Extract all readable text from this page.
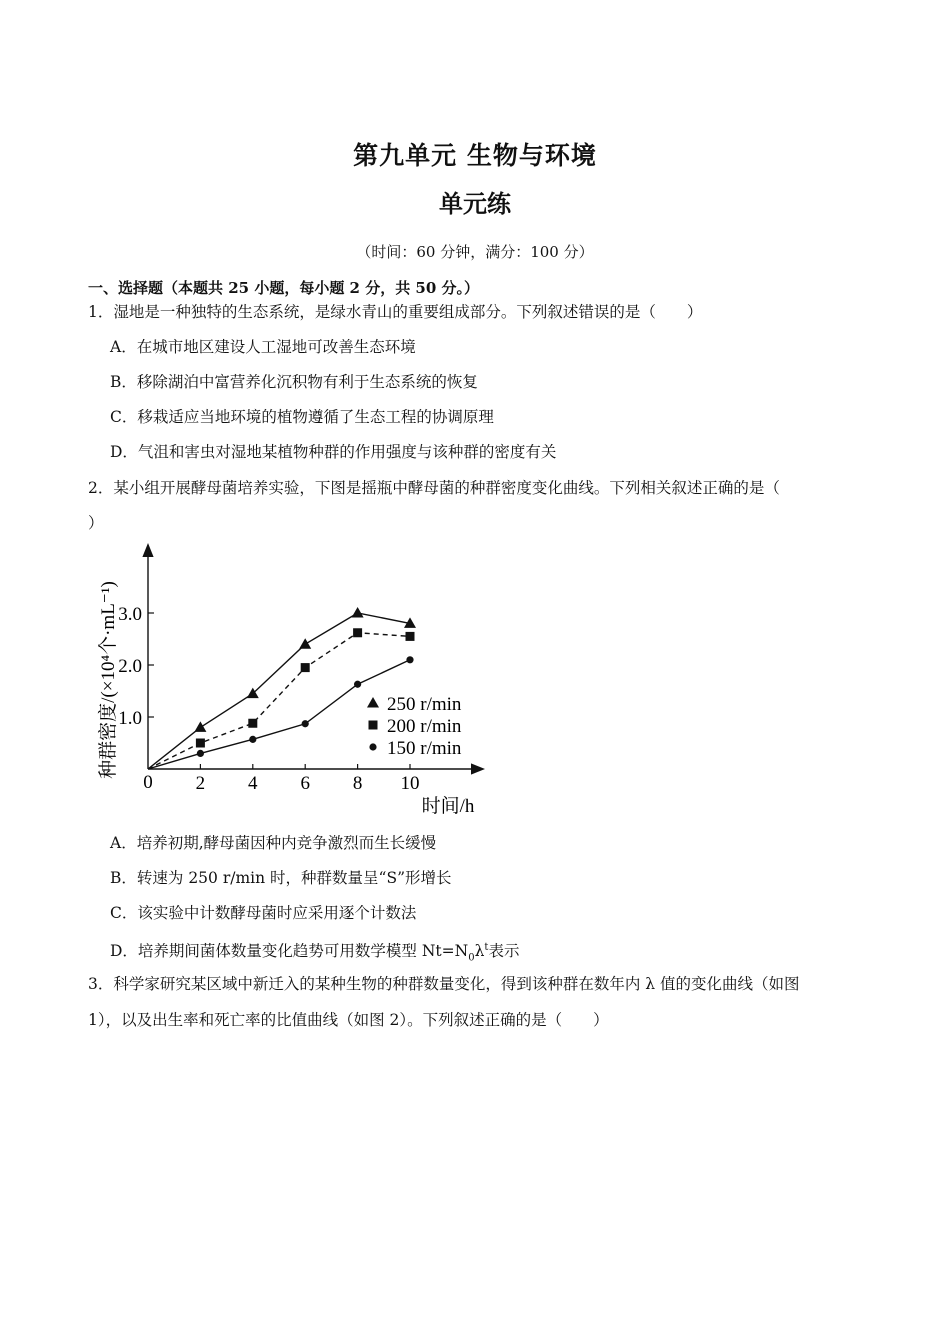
第九单元 生物与环境
单元练
（时间：60 分钟，满分：100 分）
一、选择题（本题共 25 小题，每小题 2 分，共 50 分。）
1．湿地是一种独特的生态系统，是绿水青山的重要组成部分。下列叙述错误的是（　　）
A．在城市地区建设人工湿地可改善生态环境
B．移除湖泊中富营养化沉积物有利于生态系统的恢复
C．移栽适应当地环境的植物遵循了生态工程的协调原理
D．气沮和害虫对湿地某植物种群的作用强度与该种群的密度有关
2．某小组开展酵母菌培养实验，下图是摇瓶中酵母菌的种群密度变化曲线。下列相关叙述正确的是（
）
2 4 6 8 10
1.0
2.0
3.0
250 r/min
200 r/min
150 r/min
0
时间/h
种群密度/(×10⁴个·mL⁻¹)
A．培养初期,酵母菌因种内竞争激烈而生长缓慢
B．转速为 250 r/min 时，种群数量呈“S”形增长
C．该实验中计数酵母菌时应采用逐个计数法
D．培养期间菌体数量变化趋势可用数学模型 $Nt=N_0\lambda^t$表示
3．科学家研究某区域中新迁入的某种生物的种群数量变化，得到该种群在数年内 λ 值的变化曲线（如图
1），以及出生率和死亡率的比值曲线（如图 2）。下列叙述正确的是（　　）
